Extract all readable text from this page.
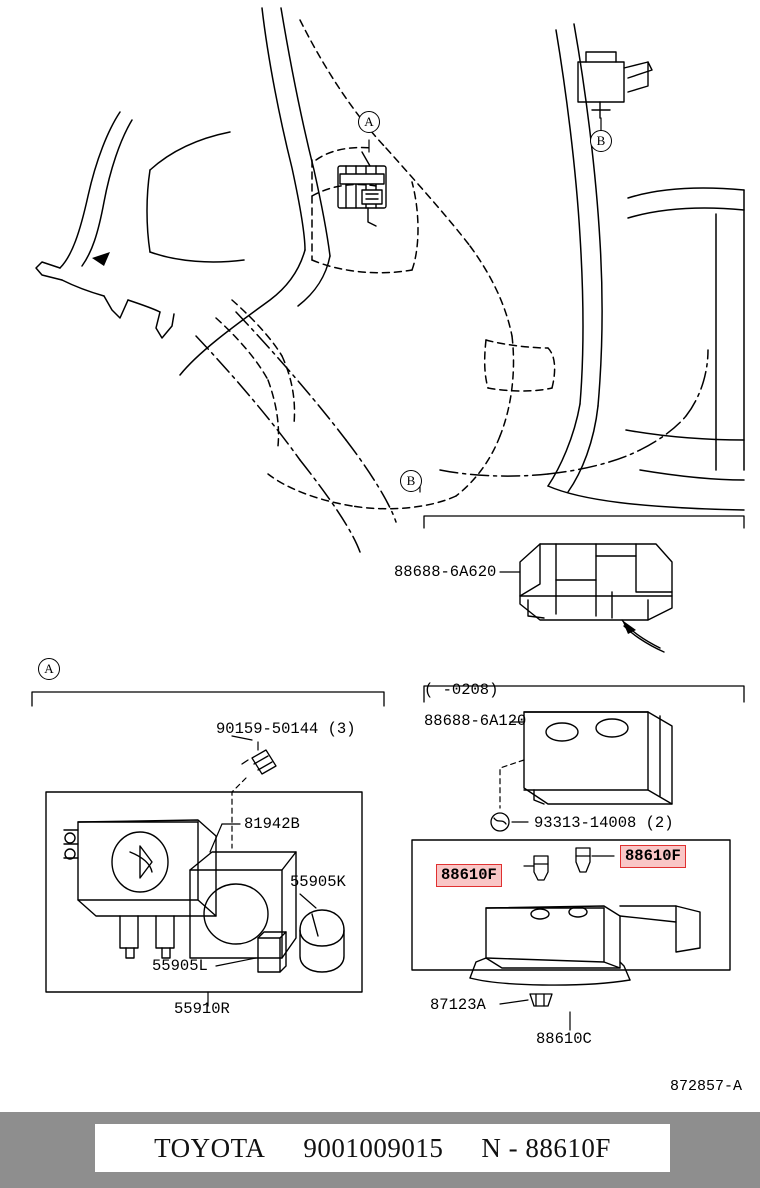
A
B
B
A
88688-6A620
( -0208)
88688-6A120
93313-14008 (2)
90159-50144 (3)
81942B
55905K
55905L
55910R	87123A
88610C
88610F
88610F
872857-A
TOYOTA 9001009015 N - 88610F
